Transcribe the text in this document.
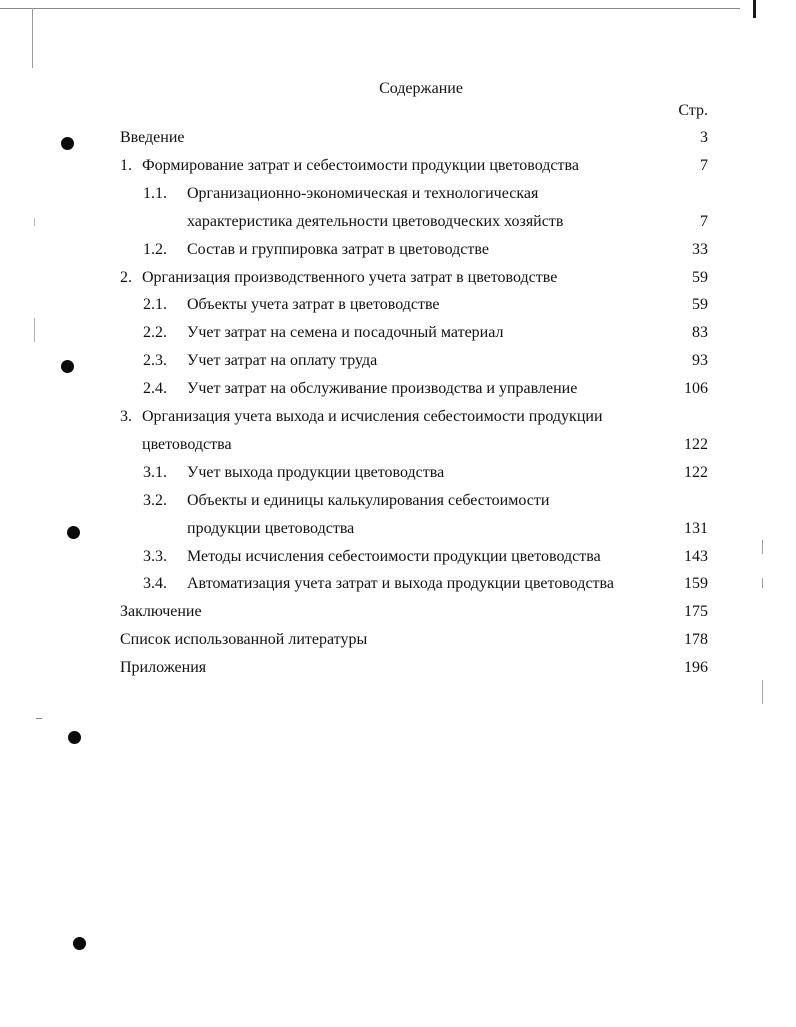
Содержание
Стр.
Введение	3
1. Формирование затрат и себестоимости продукции цветоводства	7
1.1. Организационно-экономическая и технологическая
характеристика деятельности цветоводческих хозяйств	7
1.2. Состав и группировка затрат в цветоводстве	33
2. Организация производственного учета затрат в цветоводстве	59
2.1. Объекты учета затрат в цветоводстве	59
2.2. Учет затрат на семена и посадочный материал	83
2.3. Учет затрат на оплату труда	93
2.4. Учет затрат на обслуживание производства и управление	106
3. Организация учета выхода и исчисления себестоимости продукции
цветоводства	122
3.1. Учет выхода продукции цветоводства	122
3.2. Объекты и единицы калькулирования себестоимости
продукции цветоводства	131
3.3. Методы исчисления себестоимости продукции цветоводства	143
3.4. Автоматизация учета затрат и выхода продукции цветоводства	159
Заключение	175
Список использованной литературы	178
Приложения	196
